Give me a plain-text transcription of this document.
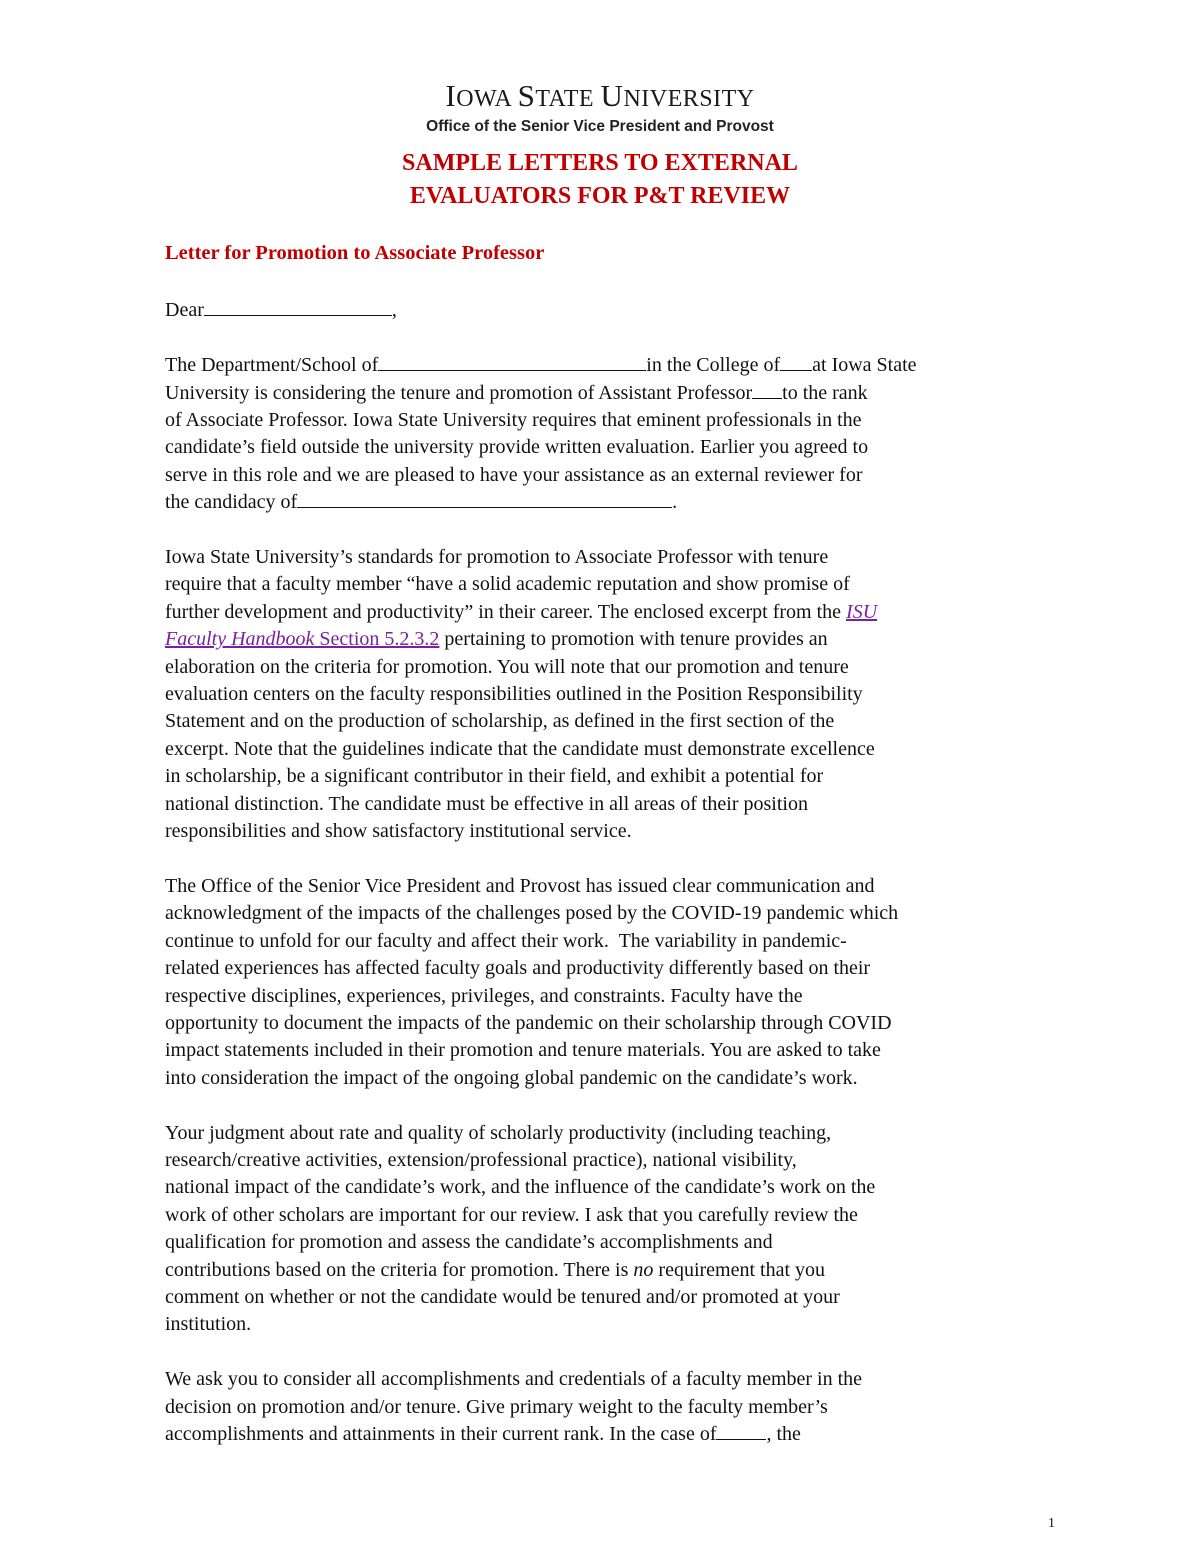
IOWA STATE UNIVERSITY
Office of the Senior Vice President and Provost
SAMPLE LETTERS TO EXTERNAL
EVALUATORS FOR P&T REVIEW
Letter for Promotion to Associate Professor
Dear	,
The Department/School of	in the College of at Iowa State
University is considering the tenure and promotion of Assistant Professor to the rank
of Associate Professor. Iowa State University requires that eminent professionals in the
candidate’s field outside the university provide written evaluation. Earlier you agreed to
serve in this role and we are pleased to have your assistance as an external reviewer for
the candidacy of	.
Iowa State University’s standards for promotion to Associate Professor with tenure
require that a faculty member “have a solid academic reputation and show promise of
further development and productivity” in their career. The enclosed excerpt from the ISU
Faculty Handbook Section 5.2.3.2 pertaining to promotion with tenure provides an
elaboration on the criteria for promotion. You will note that our promotion and tenure
evaluation centers on the faculty responsibilities outlined in the Position Responsibility
Statement and on the production of scholarship, as defined in the first section of the
excerpt. Note that the guidelines indicate that the candidate must demonstrate excellence
in scholarship, be a significant contributor in their field, and exhibit a potential for
national distinction. The candidate must be effective in all areas of their position
responsibilities and show satisfactory institutional service.
The Office of the Senior Vice President and Provost has issued clear communication and
acknowledgment of the impacts of the challenges posed by the COVID-19 pandemic which
continue to unfold for our faculty and affect their work.  The variability in pandemic-
related experiences has affected faculty goals and productivity differently based on their
respective disciplines, experiences, privileges, and constraints. Faculty have the
opportunity to document the impacts of the pandemic on their scholarship through COVID
impact statements included in their promotion and tenure materials. You are asked to take
into consideration the impact of the ongoing global pandemic on the candidate’s work.
Your judgment about rate and quality of scholarly productivity (including teaching,
research/creative activities, extension/professional practice), national visibility,
national impact of the candidate’s work, and the influence of the candidate’s work on the
work of other scholars are important for our review. I ask that you carefully review the
qualification for promotion and assess the candidate’s accomplishments and
contributions based on the criteria for promotion. There is no requirement that you
comment on whether or not the candidate would be tenured and/or promoted at your
institution.
We ask you to consider all accomplishments and credentials of a faculty member in the
decision on promotion and/or tenure. Give primary weight to the faculty member’s
accomplishments and attainments in their current rank. In the case of	, the
1
